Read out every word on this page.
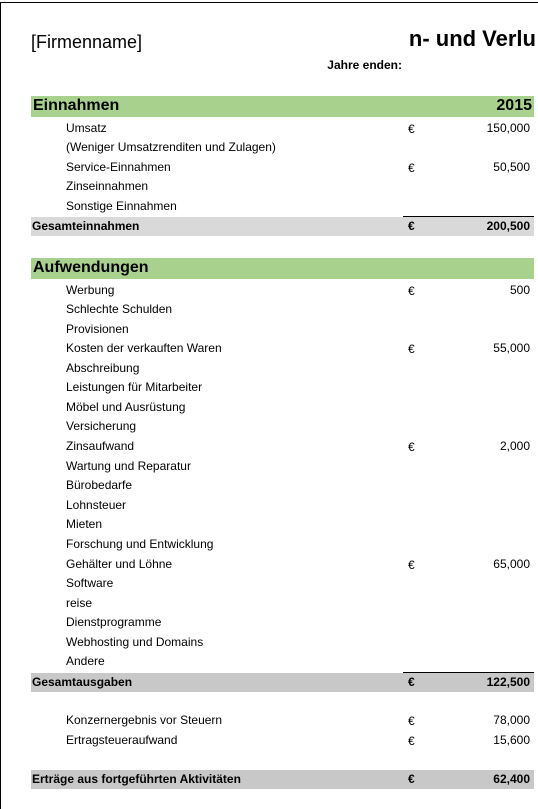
[Firmenname]	n- und Verlu
Jahre enden:
Einnahmen	2015
Umsatz	€	150,000
(Weniger Umsatzrenditen und Zulagen)
Service-Einnahmen	€	50,500
Zinseinnahmen
Sonstige Einnahmen
Gesamteinnahmen	€	200,500
Aufwendungen
Werbung	€	500
Schlechte Schulden
Provisionen
Kosten der verkauften Waren	€	55,000
Abschreibung
Leistungen für Mitarbeiter
Möbel und Ausrüstung
Versicherung
Zinsaufwand	€	2,000
Wartung und Reparatur
Bürobedarfe
Lohnsteuer
Mieten
Forschung und Entwicklung
Gehälter und Löhne	€	65,000
Software
reise
Dienstprogramme
Webhosting und Domains
Andere
Gesamtausgaben	€	122,500
Konzernergebnis vor Steuern	€	78,000
Ertragsteueraufwand	€	15,600
Erträge aus fortgeführten Aktivitäten	€	62,400
